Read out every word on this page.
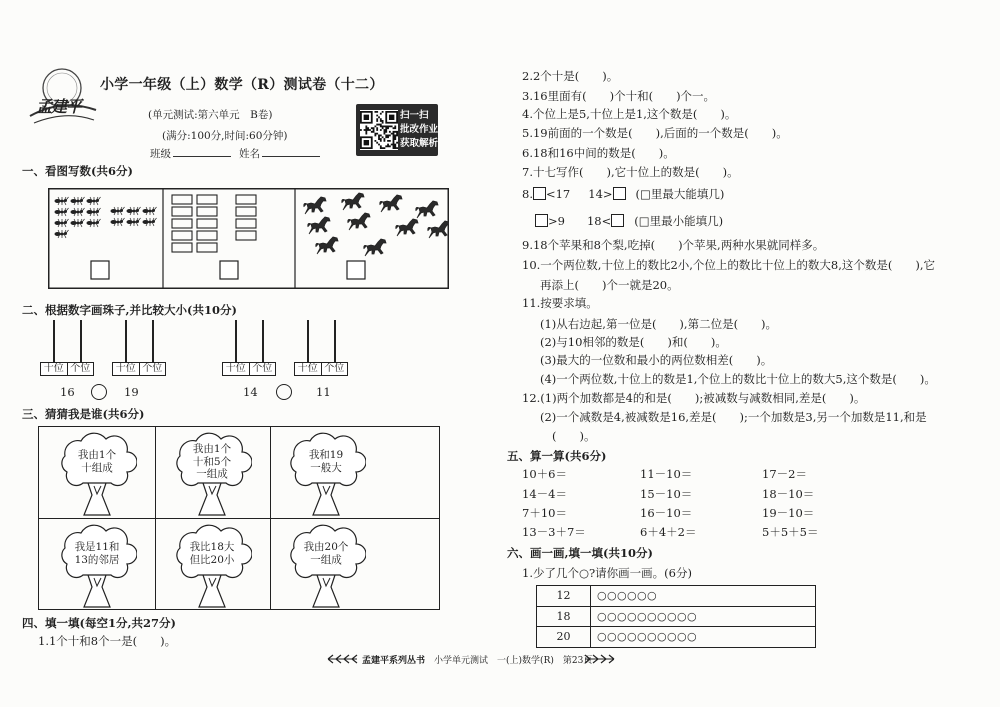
孟建平
小学一年级（上）数学（R）测试卷（十二）
(单元测试:第六单元　B卷)
(满分:100分,时间:60分钟)
班级	姓名
扫一扫
批改作业
获取解析
一、看图写数(共6分)
二、根据数字画珠子,并比较大小(共10分)
十位 个位	十位 个位	十位 个位	十位 个位
16	19	14	11
三、猜猜我是谁(共6分)
我由1个
十组成
我由1个
十和5个
一组成
我和19
一般大
我是11和
13的邻居
我比18大
但比20小
我由20个
一组成
四、填一填(每空1分,共27分)
1.1个十和8个一是(　　)。
2.2个十是(　　)。
3.16里面有(　　)个十和(　　)个一。
4.个位上是5,十位上是1,这个数是(　　)。
5.19前面的一个数是(　　),后面的一个数是(　　)。
6.18和16中间的数是(　　)。
7.十七写作(　　),它十位上的数是(　　)。
8. <17 14> (□里最大能填几)
>9 18< (□里最小能填几)
9.18个苹果和8个梨,吃掉(　　)个苹果,两种水果就同样多。
10.一个两位数,十位上的数比2小,个位上的数比十位上的数大8,这个数是(　　),它
再添上(　　)个一就是20。
11.按要求填。
(1)从右边起,第一位是(　　),第二位是(　　)。
(2)与10相邻的数是(　　)和(　　)。
(3)最大的一位数和最小的两位数相差(　　)。
(4)一个两位数,十位上的数是1,个位上的数比十位上的数大5,这个数是(　　)。
12.(1)两个加数都是4的和是(　　);被减数与减数相同,差是(　　)。
(2)一个减数是4,被减数是16,差是(　　);一个加数是3,另一个加数是11,和是
(　　)。
五、算一算(共6分)
10＋6＝	11－10＝	17－2＝
14－4＝	15－10＝	18－10＝
7＋10＝	16－10＝	19－10＝
13－3＋7＝	6＋4＋2＝	5＋5＋5＝
六、画一画,填一填(共10分)
1.少了几个○?请你画一画。(6分)
12	○○○○○○
18	○○○○○○○○○○
20	○○○○○○○○○○
孟建平系列丛书　 小学单元测试　一(上)数学(R)　第23页
